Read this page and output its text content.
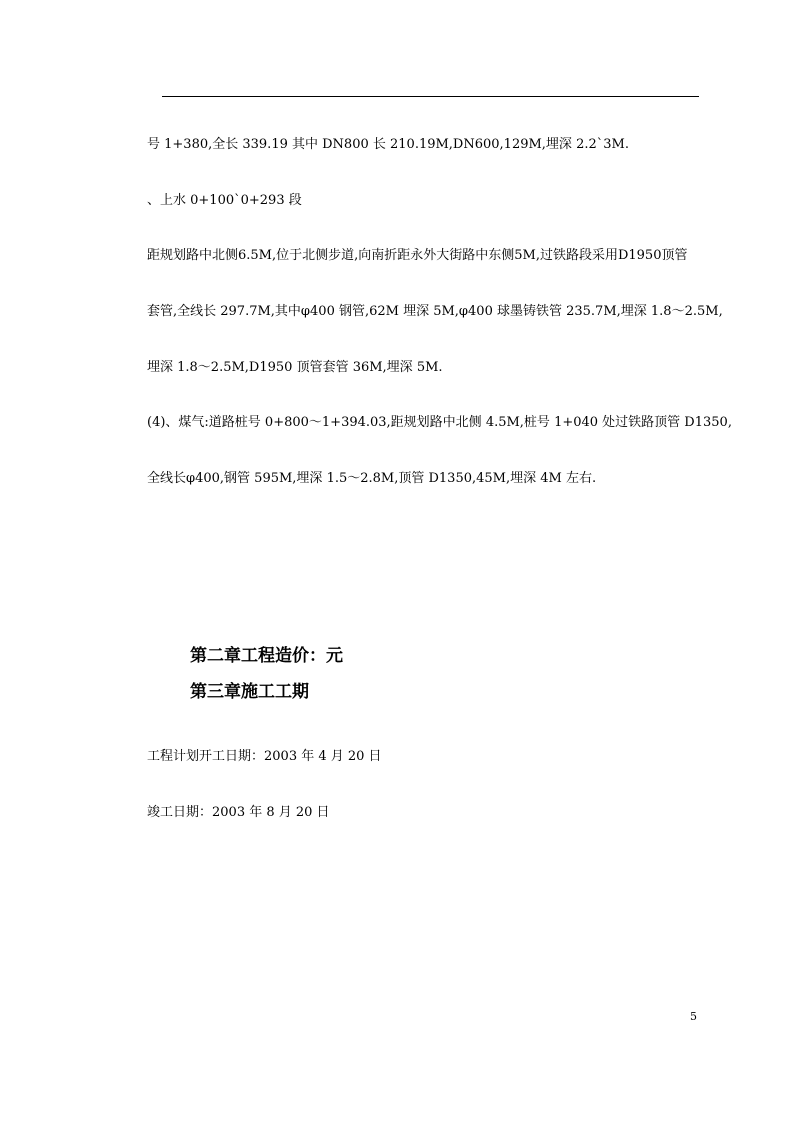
号 1+380,全长 339.19 其中 DN800 长 210.19M,DN600,129M,埋深 2.2`3M.
、上水 0+100`0+293 段
距规划路中北侧6.5M,位于北侧步道,向南折距永外大街路中东侧5M,过铁路段采用D1950顶管
套管,全线长 297.7M,其中φ400 钢管,62M 埋深 5M,φ400 球墨铸铁管 235.7M,埋深 1.8～2.5M,
埋深 1.8～2.5M,D1950 顶管套管 36M,埋深 5M.
(4)、煤气:道路桩号 0+800～1+394.03,距规划路中北侧 4.5M,桩号 1+040 处过铁路顶管 D1350,
全线长φ400,钢管 595M,埋深 1.5～2.8M,顶管 D1350,45M,埋深 4M 左右.
第二章工程造价：元
第三章施工工期
工程计划开工日期：2003 年 4 月 20 日
竣工日期：2003 年 8 月 20 日
5
